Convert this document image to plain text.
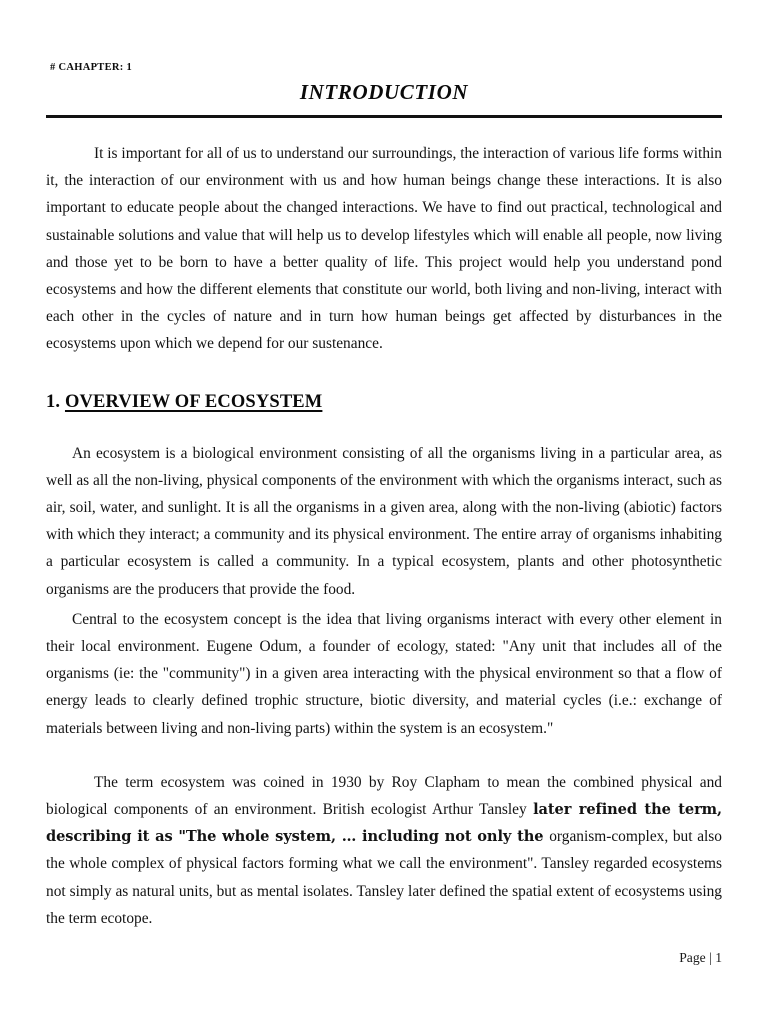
# CAHAPTER: 1
INTRODUCTION

It is important for all of us to understand our surroundings, the interaction of various life forms within it, the interaction of our environment with us and how human beings change these interactions. It is also important to educate people about the changed interactions. We have to find out practical, technological and sustainable solutions and value that will help us to develop lifestyles which will enable all people, now living and those yet to be born to have a better quality of life. This project would help you understand pond ecosystems and how the different elements that constitute our world, both living and non-living, interact with each other in the cycles of nature and in turn how human beings get affected by disturbances in the ecosystems upon which we depend for our sustenance.

1. OVERVIEW OF ECOSYSTEM

An ecosystem is a biological environment consisting of all the organisms living in a particular area, as well as all the non-living, physical components of the environment with which the organisms interact, such as air, soil, water, and sunlight. It is all the organisms in a given area, along with the non-living (abiotic) factors with which they interact; a community and its physical environment. The entire array of organisms inhabiting a particular ecosystem is called a community. In a typical ecosystem, plants and other photosynthetic organisms are the producers that provide the food.

Central to the ecosystem concept is the idea that living organisms interact with every other element in their local environment. Eugene Odum, a founder of ecology, stated: "Any unit that includes all of the organisms (ie: the "community") in a given area interacting with the physical environment so that a flow of energy leads to clearly defined trophic structure, biotic diversity, and material cycles (i.e.: exchange of materials between living and non-living parts) within the system is an ecosystem."

The term ecosystem was coined in 1930 by Roy Clapham to mean the combined physical and biological components of an environment. British ecologist Arthur Tansley later refined the term, describing it as "The whole system, … including not only the organism-complex, but also the whole complex of physical factors forming what we call the environment". Tansley regarded ecosystems not simply as natural units, but as mental isolates. Tansley later defined the spatial extent of ecosystems using the term ecotope.

Page | 1
